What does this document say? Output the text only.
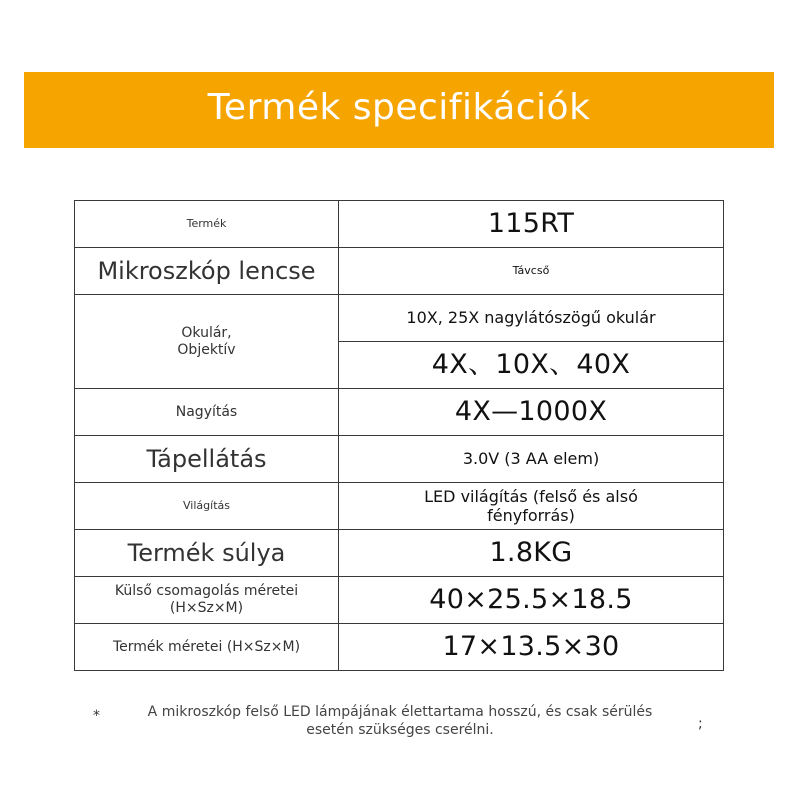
Termék specifikációk
Termék	115RT
Mikroszkóp lencse	Távcső

Okulár,
Objektív	10X, 25X nagylátószögű okulár
	4X、10X、40X
Nagyítás	4X—1000X
Tápellátás	3.0V (3 AA elem)
Világítás	LED világítás (felső és alsó
fényforrás)

Termék súlya	1.8KG

Külső csomagolás méretei
(H×Sz×M)	40×25.5×18.5
Termék méretei (H×Sz×M)	17×13.5×30
*	A mikroszkóp felső LED lámpájának élettartama hosszú, és csak sérülés
esetén szükséges cserélni.	;
